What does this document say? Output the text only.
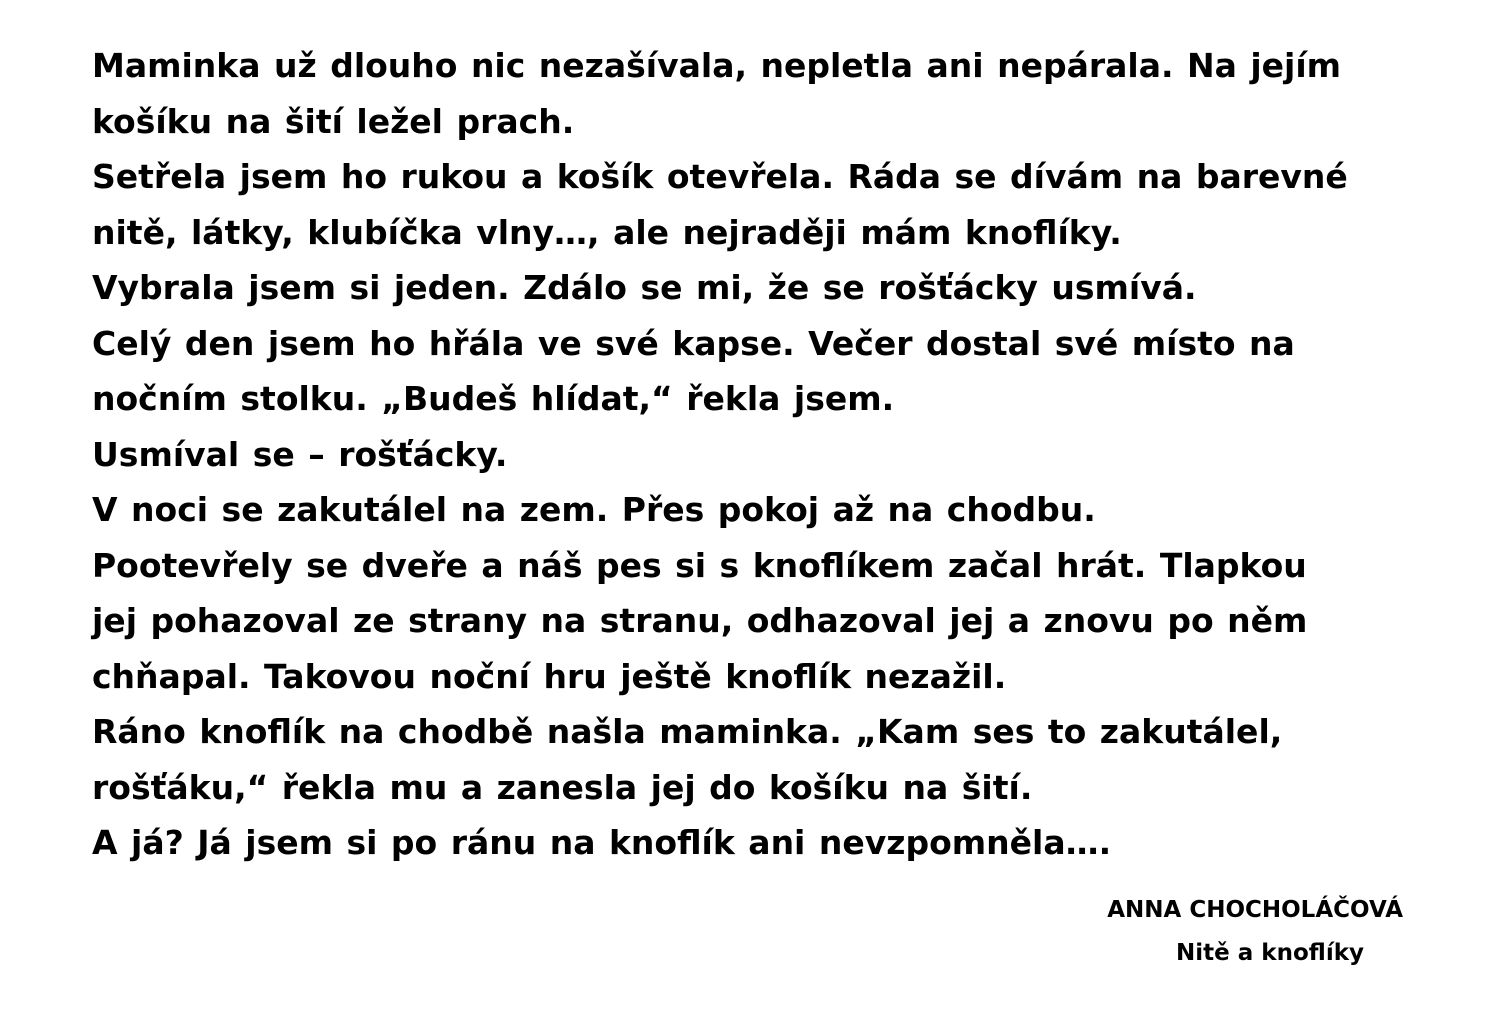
Maminka už dlouho nic nezašívala, nepletla ani nepárala. Na jejím
košíku na šití ležel prach.
Setřela jsem ho rukou a košík otevřela. Ráda se dívám na barevné
nitě, látky, klubíčka vlny…, ale nejraději mám knoflíky.
Vybrala jsem si jeden. Zdálo se mi, že se rošťácky usmívá.
Celý den jsem ho hřála ve své kapse. Večer dostal své místo na
nočním stolku. „Budeš hlídat,“ řekla jsem.
Usmíval se – rošťácky.
V noci se zakutálel na zem. Přes pokoj až na chodbu.
Pootevřely se dveře a náš pes si s knoflíkem začal hrát. Tlapkou
jej pohazoval ze strany na stranu, odhazoval jej a znovu po něm
chňapal. Takovou noční hru ještě knoflík nezažil.
Ráno knoflík na chodbě našla maminka. „Kam ses to zakutálel,
rošťáku,“ řekla mu a zanesla jej do košíku na šití.
A já? Já jsem si po ránu na knoflík ani nevzpomněla….
ANNA CHOCHOLÁČOVÁ
Nitě a knoflíky
